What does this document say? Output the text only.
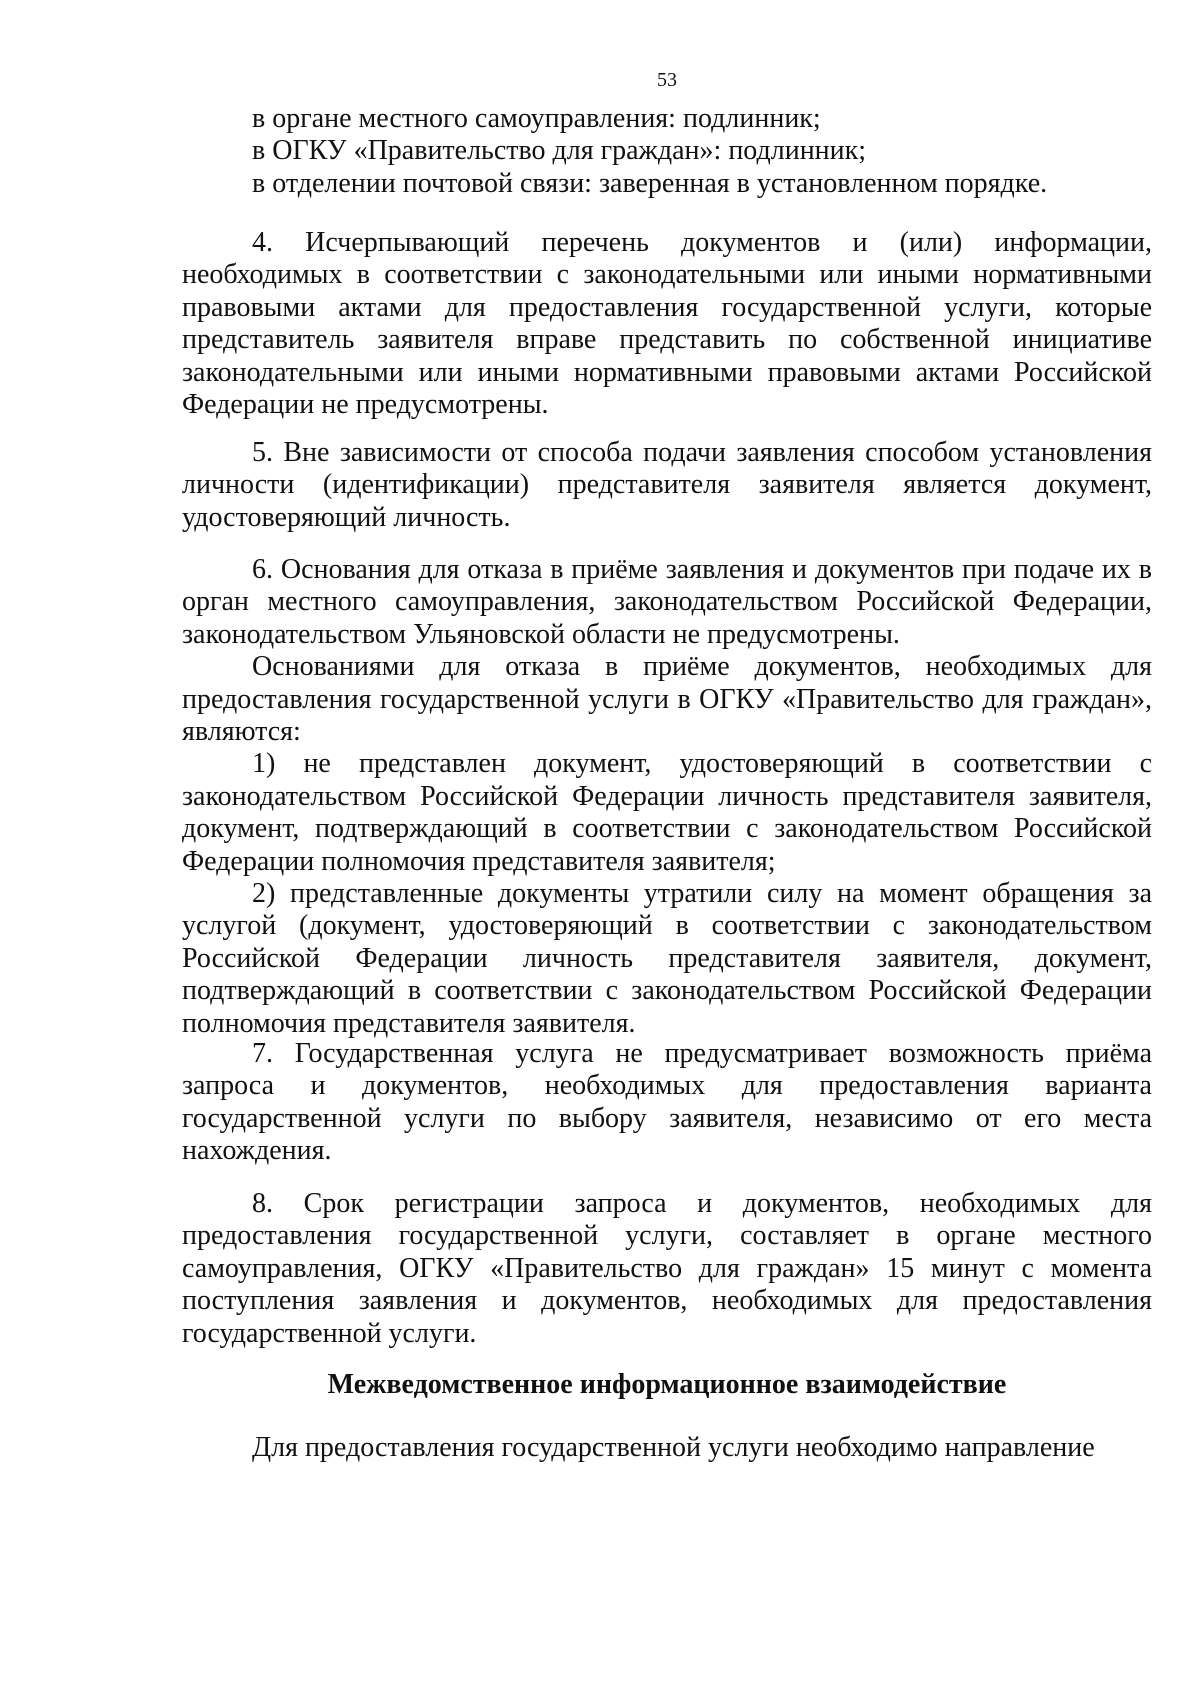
53
в органе местного самоуправления: подлинник;
в ОГКУ «Правительство для граждан»: подлинник;
в отделении почтовой связи: заверенная в установленном порядке.

4. Исчерпывающий перечень документов и (или) информации, необходимых в соответствии с законодательными или иными нормативными правовыми актами для предоставления государственной услуги, которые представитель заявителя вправе представить по собственной инициативе законодательными или иными нормативными правовыми актами Российской Федерации не предусмотрены.

5. Вне зависимости от способа подачи заявления способом установления личности (идентификации) представителя заявителя является документ, удостоверяющий личность.

6. Основания для отказа в приёме заявления и документов при подаче их в орган местного самоуправления, законодательством Российской Федерации, законодательством Ульяновской области не предусмотрены.

Основаниями для отказа в приёме документов, необходимых для предоставления государственной услуги в ОГКУ «Правительство для граждан», являются:

1) не представлен документ, удостоверяющий в соответствии с законодательством Российской Федерации личность представителя заявителя, документ, подтверждающий в соответствии с законодательством Российской Федерации полномочия представителя заявителя;

2) представленные документы утратили силу на момент обращения за услугой (документ, удостоверяющий в соответствии с законодательством Российской Федерации личность представителя заявителя, документ, подтверждающий в соответствии с законодательством Российской Федерации полномочия представителя заявителя.

7. Государственная услуга не предусматривает возможность приёма запроса и документов, необходимых для предоставления варианта государственной услуги по выбору заявителя, независимо от его места нахождения.

8. Срок регистрации запроса и документов, необходимых для предоставления государственной услуги, составляет в органе местного самоуправления, ОГКУ «Правительство для граждан» 15 минут с момента поступления заявления и документов, необходимых для предоставления государственной услуги.

Межведомственное информационное взаимодействие

Для предоставления государственной услуги необходимо направление
